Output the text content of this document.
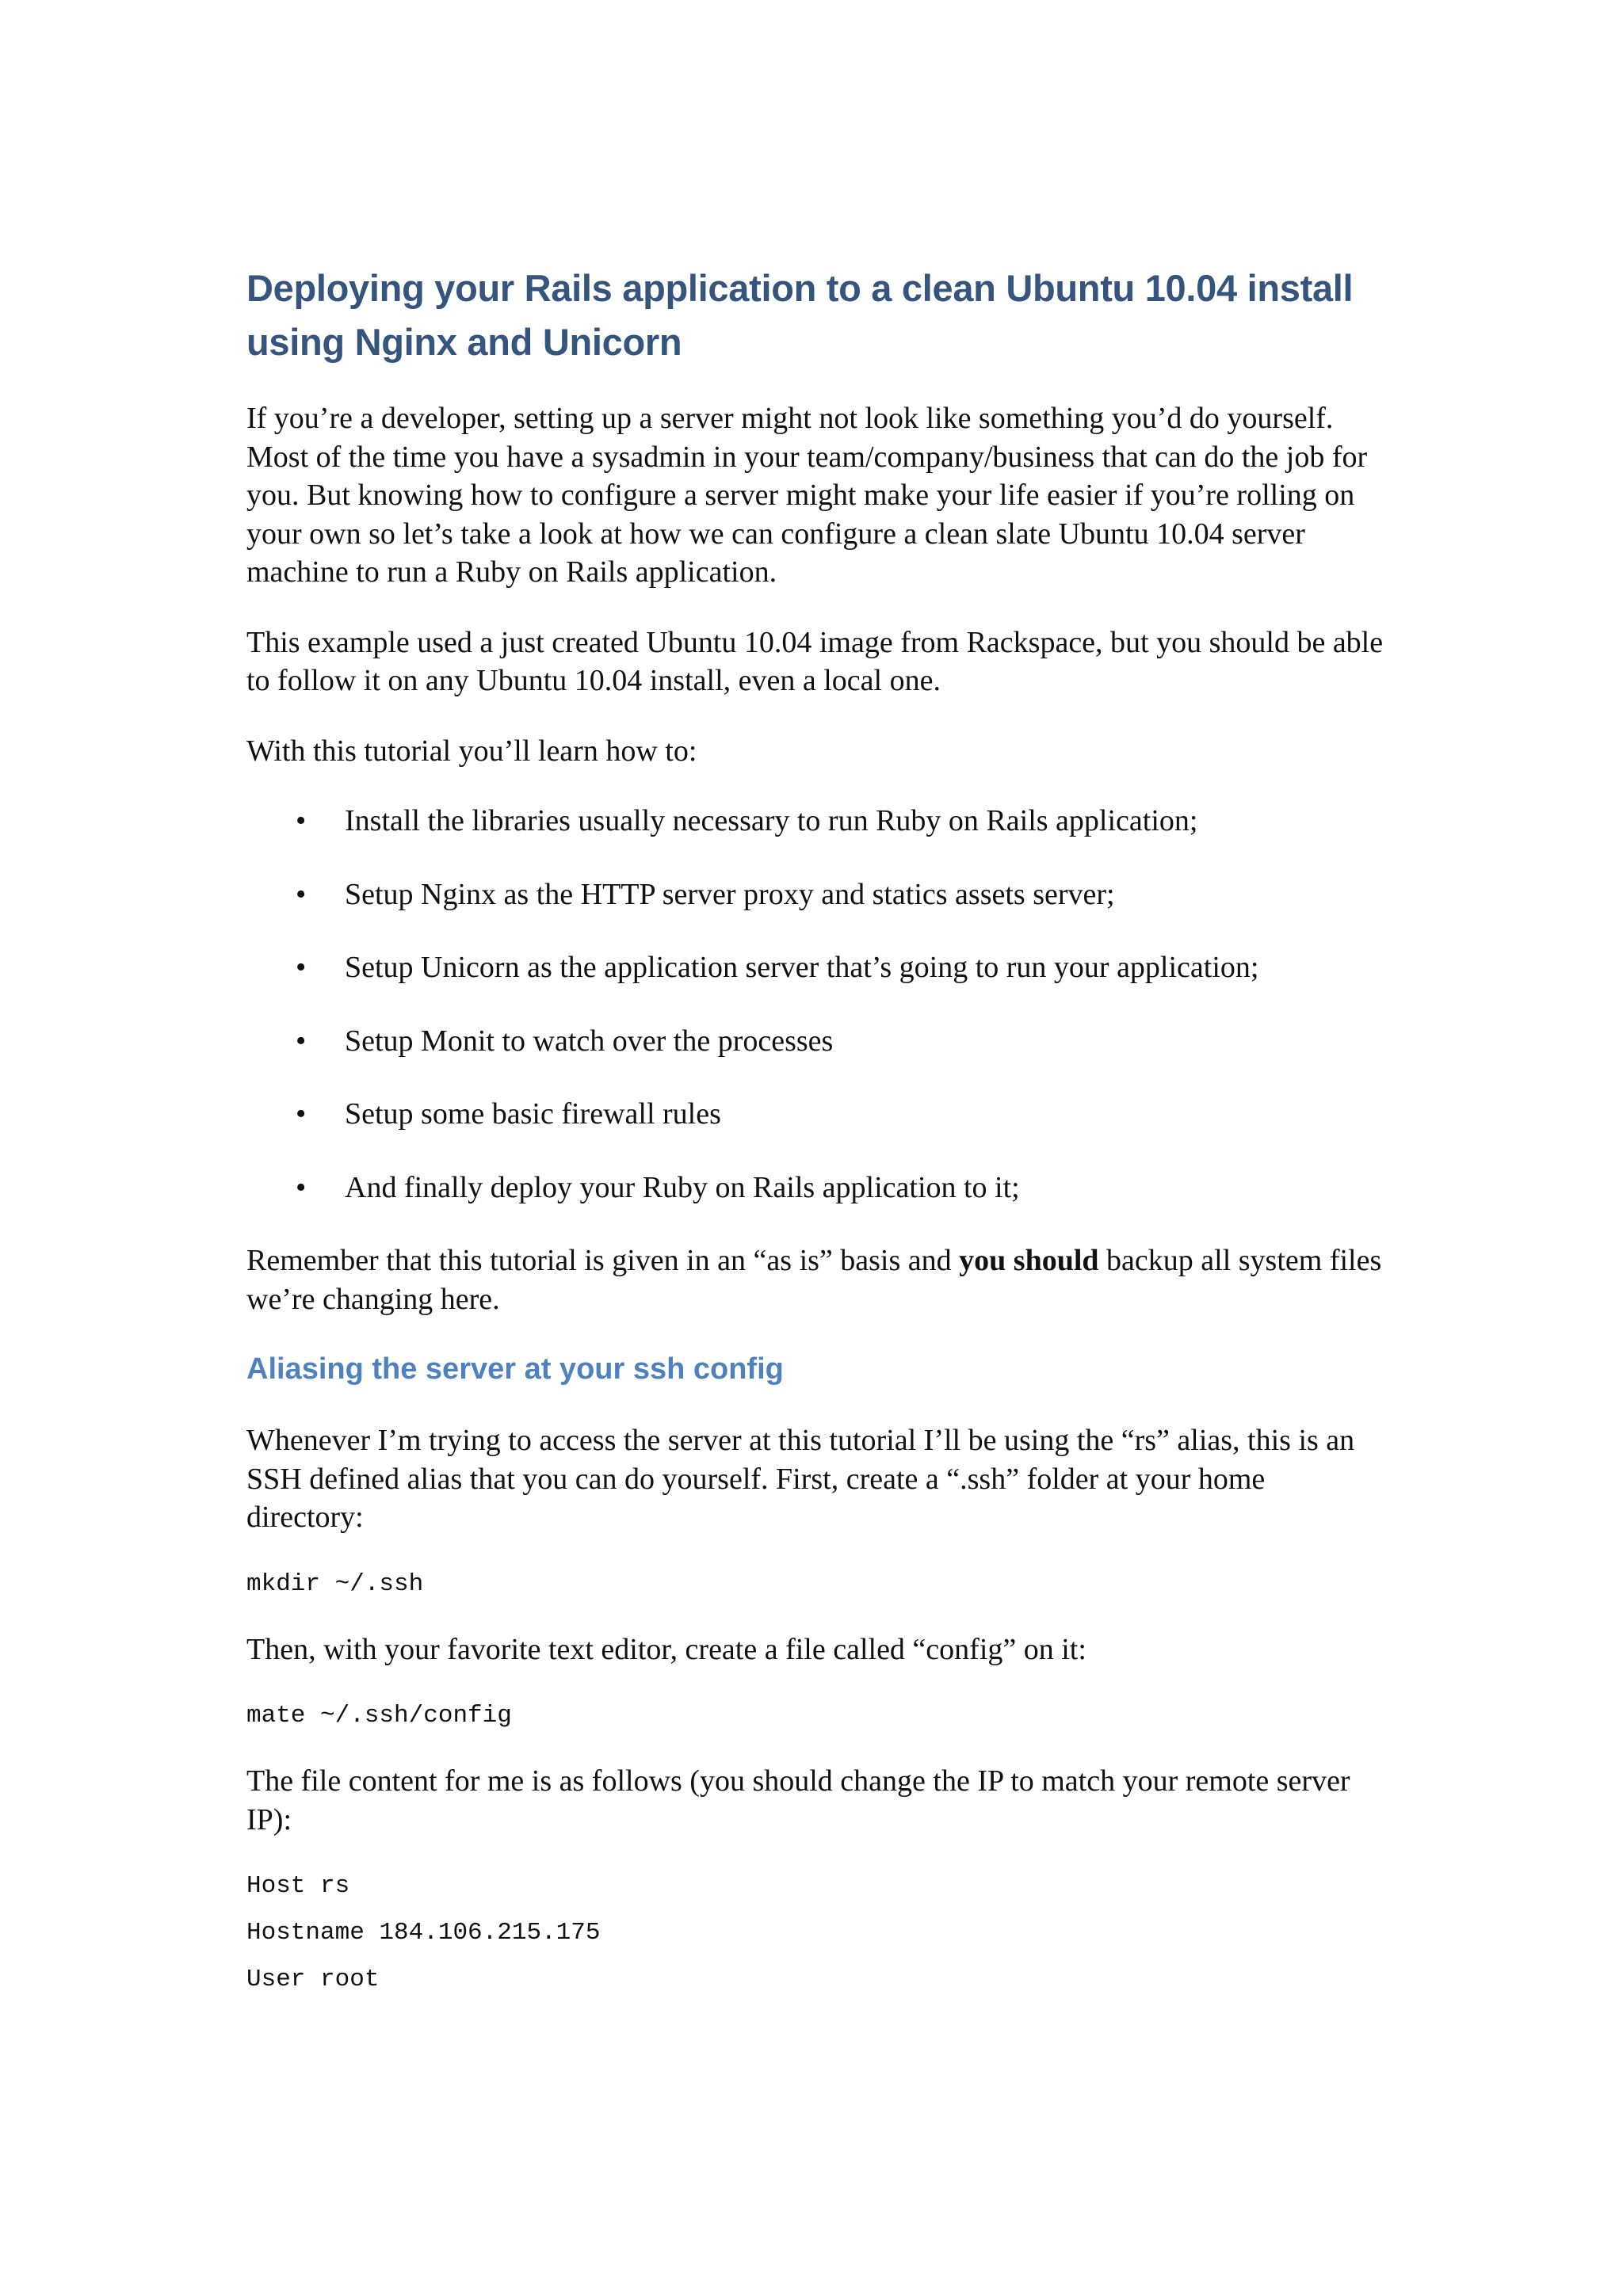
Deploying your Rails application to a clean Ubuntu 10.04 install using Nginx and Unicorn

If you’re a developer, setting up a server might not look like something you’d do yourself. Most of the time you have a sysadmin in your team/company/business that can do the job for you. But knowing how to configure a server might make your life easier if you’re rolling on your own so let’s take a look at how we can configure a clean slate Ubuntu 10.04 server machine to run a Ruby on Rails application.

This example used a just created Ubuntu 10.04 image from Rackspace, but you should be able to follow it on any Ubuntu 10.04 install, even a local one.

With this tutorial you’ll learn how to:

• Install the libraries usually necessary to run Ruby on Rails application;
• Setup Nginx as the HTTP server proxy and statics assets server;
• Setup Unicorn as the application server that’s going to run your application;
• Setup Monit to watch over the processes
• Setup some basic firewall rules
• And finally deploy your Ruby on Rails application to it;

Remember that this tutorial is given in an “as is” basis and you should backup all system files we’re changing here.

Aliasing the server at your ssh config

Whenever I’m trying to access the server at this tutorial I’ll be using the “rs” alias, this is an SSH defined alias that you can do yourself. First, create a “.ssh” folder at your home directory:

mkdir ~/.ssh

Then, with your favorite text editor, create a file called “config” on it:

mate ~/.ssh/config

The file content for me is as follows (you should change the IP to match your remote server IP):

Host rs
Hostname 184.106.215.175
User root
